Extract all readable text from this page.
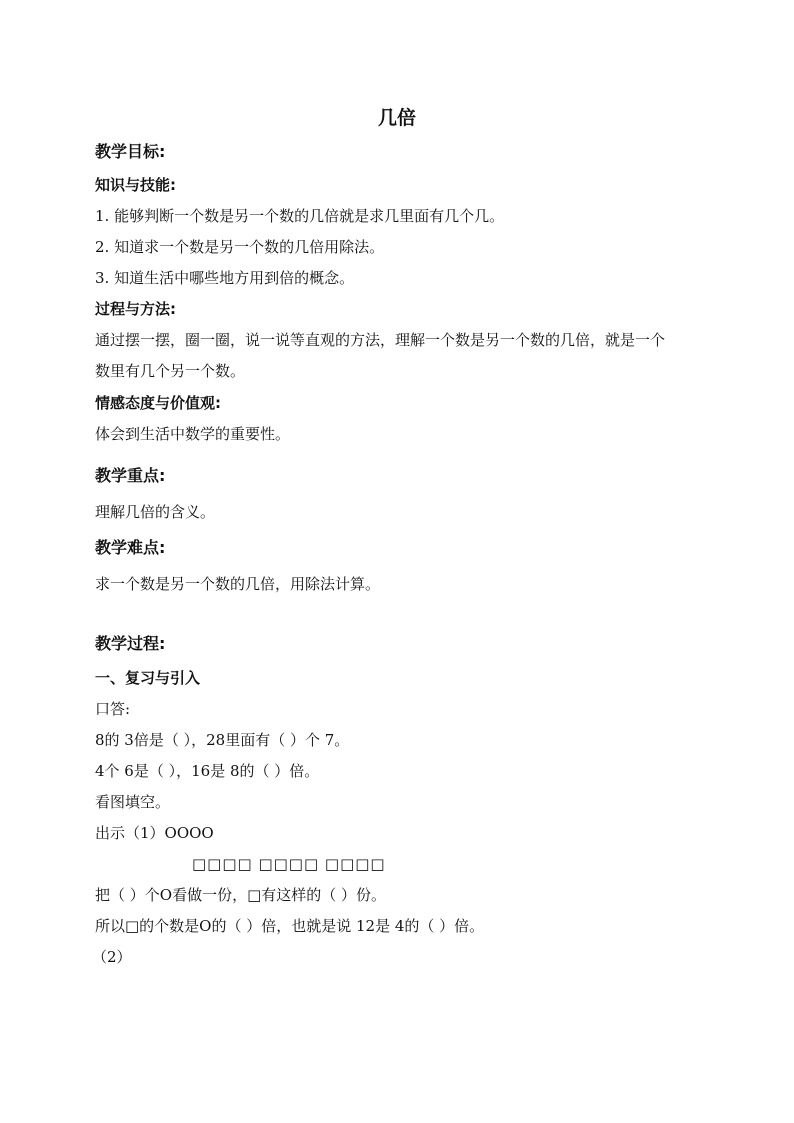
几倍
教学目标:
知识与技能:
1. 能够判断一个数是另一个数的几倍就是求几里面有几个几。
2. 知道求一个数是另一个数的几倍用除法。
3. 知道生活中哪些地方用到倍的概念。
过程与方法:
通过摆一摆，圈一圈，说一说等直观的方法，理解一个数是另一个数的几倍，就是一个
数里有几个另一个数。
情感态度与价值观:
体会到生活中数学的重要性。
教学重点:
理解几倍的含义。
教学难点:
求一个数是另一个数的几倍，用除法计算。
教学过程:
一、复习与引入
口答:
8的 3倍是（ ），28里面有（ ）个 7。
4个 6是（ ），16是 8的（ ）倍。
看图填空。
出示（1）OOOO
□□□□ □□□□ □□□□
把（ ）个O看做一份，□有这样的（ ）份。
所以□的个数是O的（ ）倍，也就是说 12是 4的（ ）倍。
（2）
